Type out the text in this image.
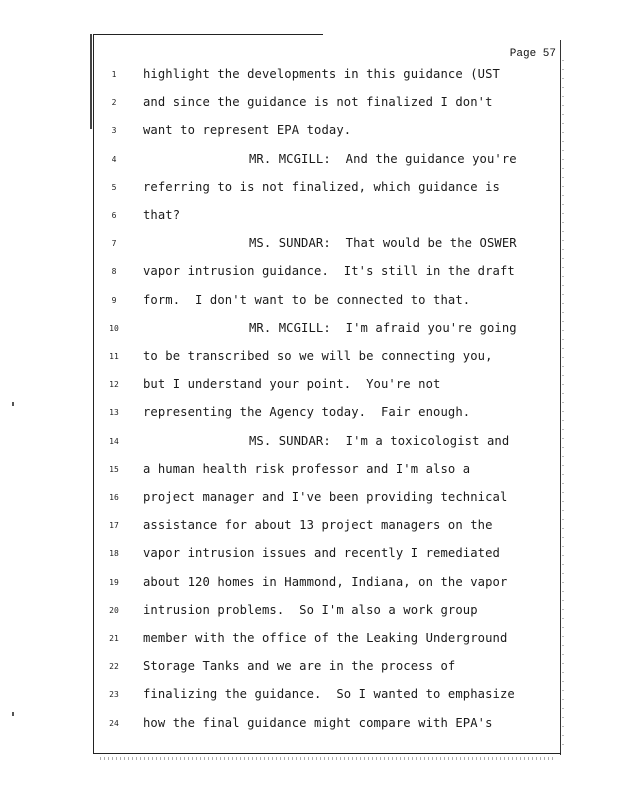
Page 57
1	highlight the developments in this guidance (UST
2	and since the guidance is not finalized I don't
3	want to represent EPA today.
4	MR. MCGILL:  And the guidance you're
5	referring to is not finalized, which guidance is
6	that?
7	MS. SUNDAR:  That would be the OSWER
8	vapor intrusion guidance.  It's still in the draft
9	form.  I don't want to be connected to that.
10	MR. MCGILL:  I'm afraid you're going
11	to be transcribed so we will be connecting you,
12	but I understand your point.  You're not
13	representing the Agency today.  Fair enough.
14	MS. SUNDAR:  I'm a toxicologist and
15	a human health risk professor and I'm also a
16	project manager and I've been providing technical
17	assistance for about 13 project managers on the
18	vapor intrusion issues and recently I remediated
19	about 120 homes in Hammond, Indiana, on the vapor
20	intrusion problems.  So I'm also a work group
21	member with the office of the Leaking Underground
22	Storage Tanks and we are in the process of
23	finalizing the guidance.  So I wanted to emphasize
24	how the final guidance might compare with EPA's
